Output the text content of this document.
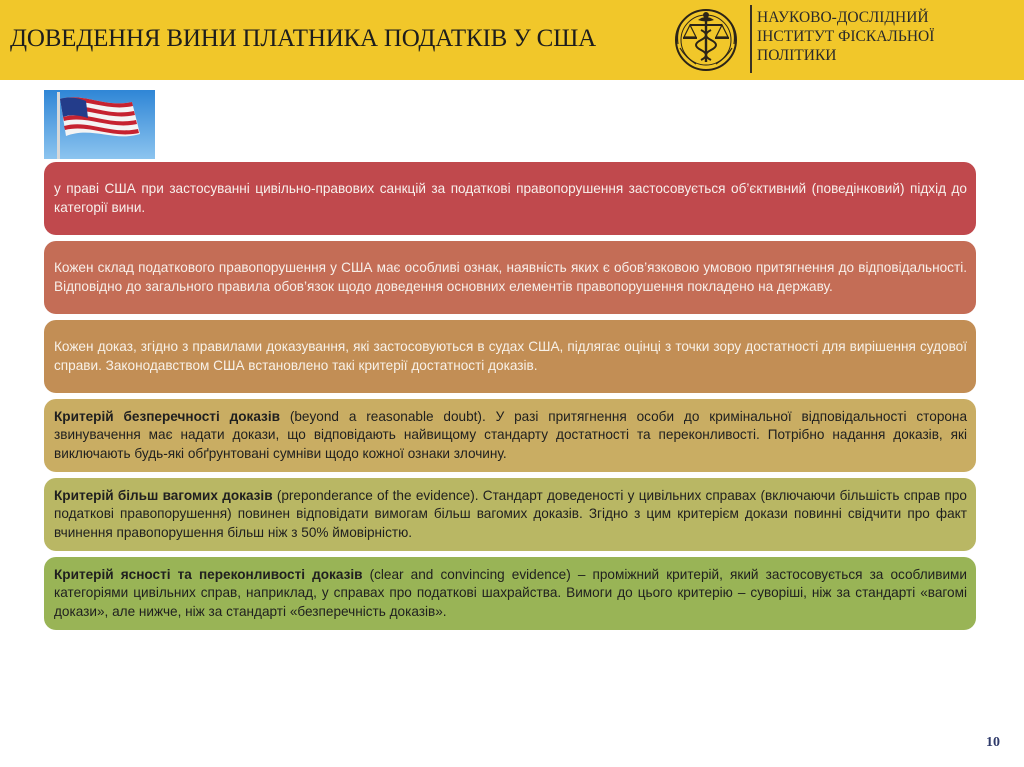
ДОВЕДЕННЯ ВИНИ ПЛАТНИКА ПОДАТКІВ У США
НАУКОВО-ДОСЛІДНИЙ
ІНСТИТУТ ФІСКАЛЬНОЇ
ПОЛІТИКИ

у праві США при застосуванні цивільно-правових санкцій за податкові правопорушення застосовується об’єктивний (поведінковий) підхід до категорії вини.

Кожен склад податкового правопорушення у США має особливі ознак, наявність яких є обов’язковою умовою притягнення до відповідальності. Відповідно до загального правила обов’язок щодо доведення основних елементів правопорушення покладено на державу.

Кожен доказ, згідно з правилами доказування, які застосовуються в судах США, підлягає оцінці з точки зору достатності для вирішення судової справи. Законодавством США встановлено такі критерії достатності доказів.

Критерій безперечності доказів (beyond a reasonable doubt). У разі притягнення особи до кримінальної відповідальності сторона звинувачення має надати докази, що відповідають найвищому стандарту достатності та переконливості. Потрібно надання доказів, які виключають будь-які обґрунтовані сумніви щодо кожної ознаки злочину.

Критерій більш вагомих доказів (preponderance of the evidence). Стандарт доведеності у цивільних справах (включаючи більшість справ про податкові правопорушення) повинен відповідати вимогам більш вагомих доказів. Згідно з цим критерієм докази повинні свідчити про факт вчинення правопорушення більш ніж з 50% ймовірністю.

Критерій ясності та переконливості доказів (clear and convincing evidence) – проміжний критерій, який застосовується за особливими категоріями цивільних справ, наприклад, у справах про податкові шахрайства. Вимоги до цього критерію – суворіші, ніж за стандарті «вагомі докази», але нижче, ніж за стандарті «безперечність доказів».

10
